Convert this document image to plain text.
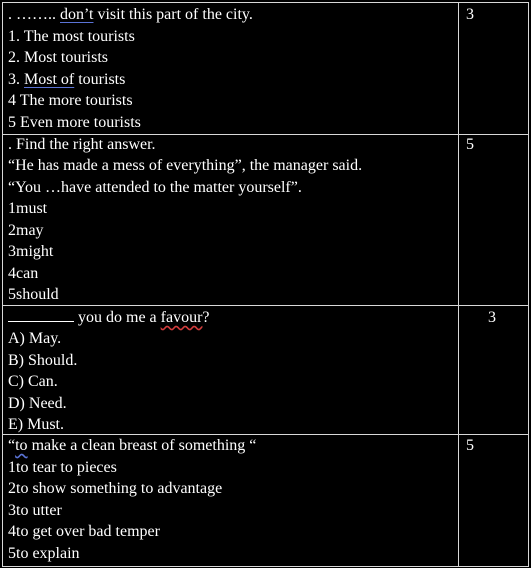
. …….. don’t visit this part of the city.
1. The most tourists
2. Most tourists
3. Most of tourists
4 The more tourists
5 Even more tourists
3
. Find the right answer.
“He has made a mess of everything”, the manager said.
“You …have attended to the matter yourself”.
1must
2may
3might
4can
5should
5
you do me a favour?
A) May.
B) Should.
C) Can.
D) Need.
E) Must.
3
“to make a clean breast of something “
1to tear to pieces
2to show something to advantage
3to utter
4to get over bad temper
5to explain
5
